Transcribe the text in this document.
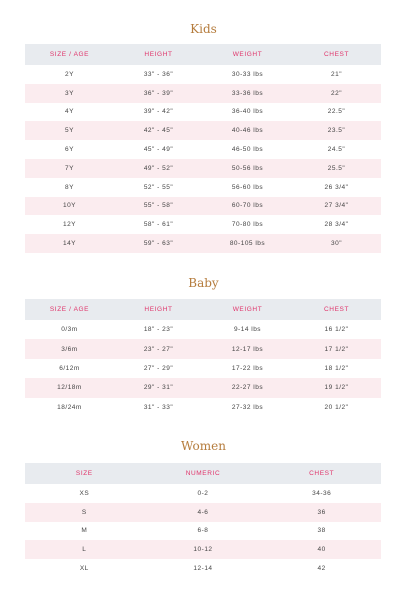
Kids
SIZE / AGE	HEIGHT	WEIGHT	CHEST
2Y	33" - 36"	30-33 lbs	21"
3Y	36" - 39"	33-36 lbs	22"
4Y	39" - 42"	36-40 lbs	22.5"
5Y	42" - 45"	40-46 lbs	23.5"
6Y	45" - 49"	46-50 lbs	24.5"
7Y	49" - 52"	50-56 lbs	25.5"
8Y	52" - 55"	56-60 lbs	26 3/4"
10Y	55" - 58"	60-70 lbs	27 3/4"
12Y	58" - 61"	70-80 lbs	28 3/4"
14Y	59" - 63"	80-105 lbs	30"
Baby
SIZE / AGE	HEIGHT	WEIGHT	CHEST
0/3m	18" - 23"	9-14 lbs	16 1/2"
3/6m	23" - 27"	12-17 lbs	17 1/2"
6/12m	27" - 29"	17-22 lbs	18 1/2"
12/18m	29" - 31"	22-27 lbs	19 1/2"
18/24m	31" - 33"	27-32 lbs	20 1/2"
Women
SIZE	NUMERIC	CHEST
XS	0-2	34-36
S	4-6	36
M	6-8	38
L	10-12	40
XL	12-14	42
